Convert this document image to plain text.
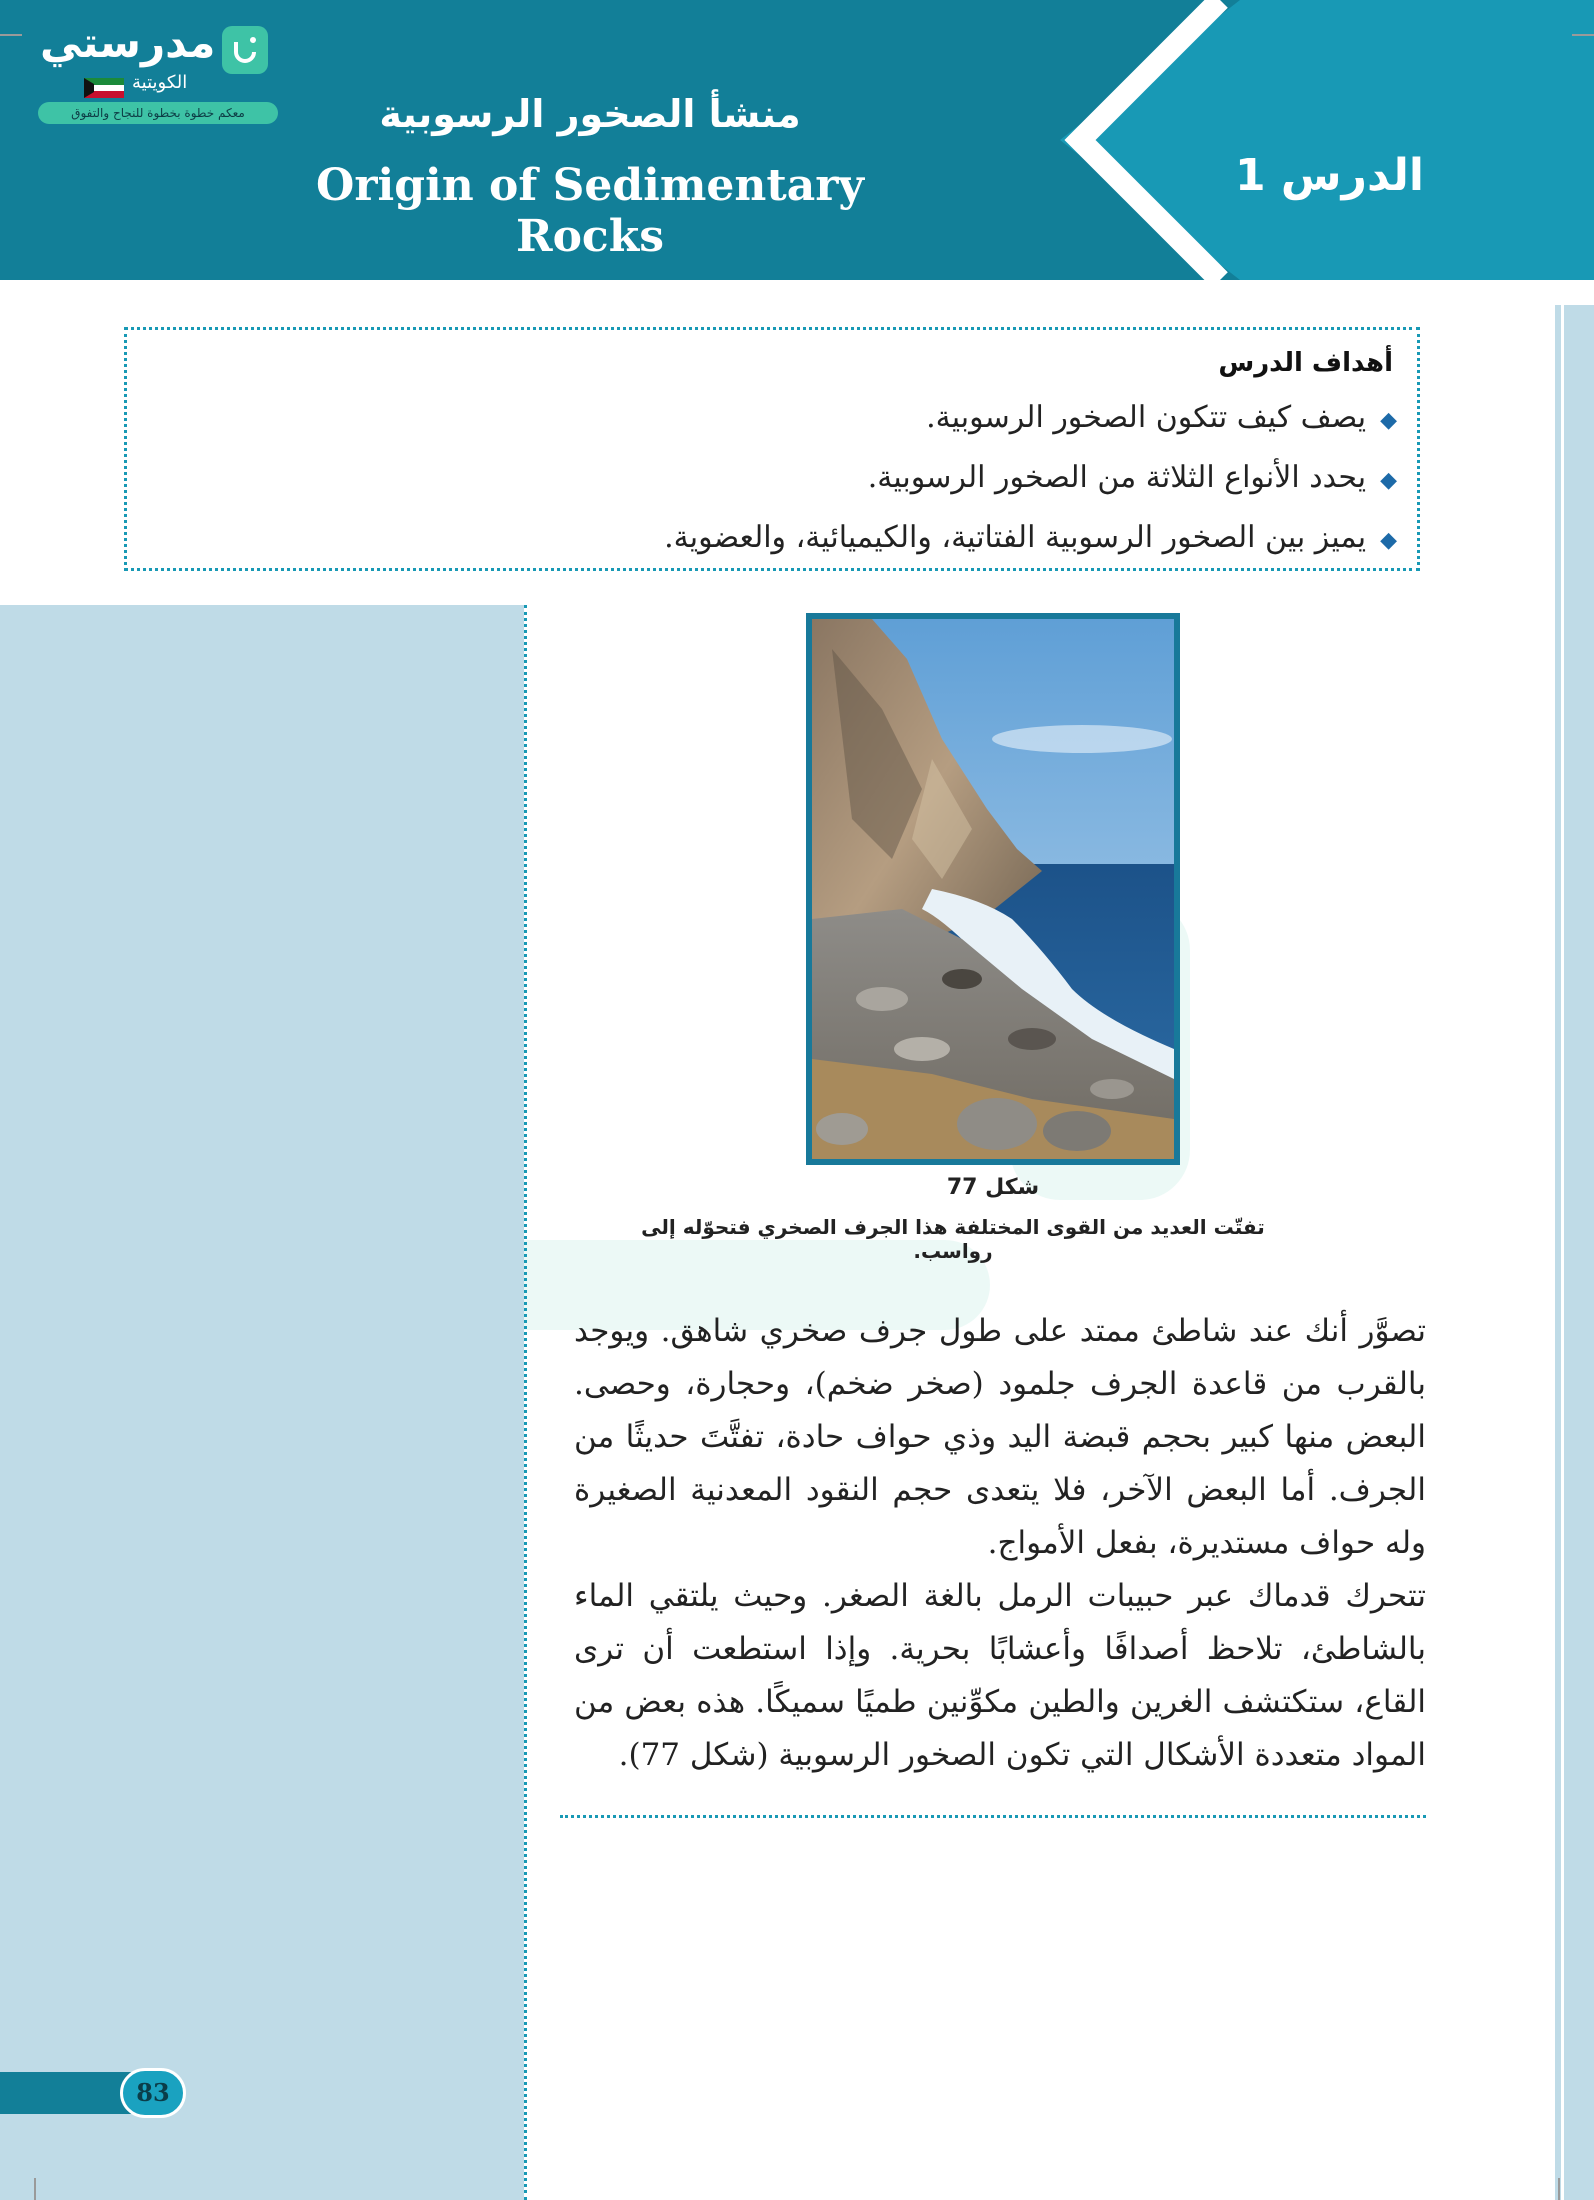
الدرس 1
منشأ الصخور الرسوبية
Origin of Sedimentary Rocks
مدرستي
الكويتية
معكم خطوة بخطوة للنجاح والتفوق
أهداف الدرس
◆يصف كيف تتكون الصخور الرسوبية.
◆يحدد الأنواع الثلاثة من الصخور الرسوبية.
◆يميز بين الصخور الرسوبية الفتاتية، والكيميائية، والعضوية.
83
شكل 77
تفتّت العديد من القوى المختلفة هذا الجرف الصخري فتحوّله إلى رواسب.

تصوَّر أنك عند شاطئ ممتد على طول جرف صخري شاهق. ويوجد بالقرب من قاعدة الجرف جلمود (صخر ضخم)، وحجارة، وحصى. البعض منها كبير بحجم قبضة اليد وذي حواف حادة، تفتَّتَ حديثًا من الجرف. أما البعض الآخر، فلا يتعدى حجم النقود المعدنية الصغيرة وله حواف مستديرة، بفعل الأمواج.

تتحرك قدماك عبر حبيبات الرمل بالغة الصغر. وحيث يلتقي الماء بالشاطئ، تلاحظ أصدافًا وأعشابًا بحرية. وإذا استطعت أن ترى القاع، ستكتشف الغرين والطين مكوِّنين طميًا سميكًا. هذه بعض من المواد متعددة الأشكال التي تكون الصخور الرسوبية (شكل 77).
